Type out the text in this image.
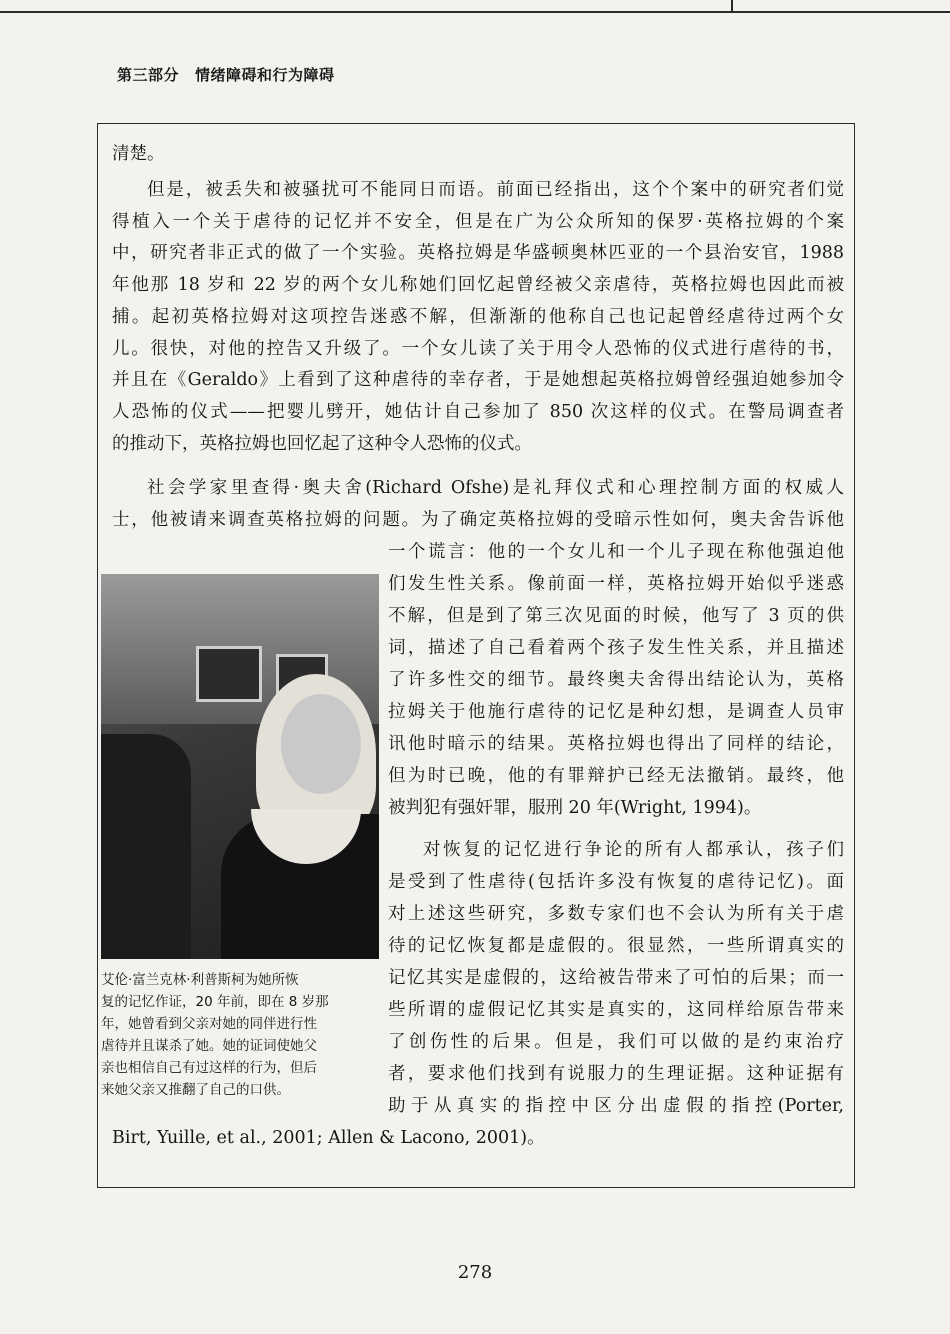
第三部分 情绪障碍和行为障碍
清楚。
但是，被丢失和被骚扰可不能同日而语。前面已经指出，这个个案中的研究者们觉
得植入一个关于虐待的记忆并不安全，但是在广为公众所知的保罗·英格拉姆的个案
中，研究者非正式的做了一个实验。英格拉姆是华盛顿奥林匹亚的一个县治安官，1988
年他那 18 岁和 22 岁的两个女儿称她们回忆起曾经被父亲虐待，英格拉姆也因此而被
捕。起初英格拉姆对这项控告迷惑不解，但渐渐的他称自己也记起曾经虐待过两个女
儿。很快，对他的控告又升级了。一个女儿读了关于用令人恐怖的仪式进行虐待的书，
并且在《Geraldo》上看到了这种虐待的幸存者，于是她想起英格拉姆曾经强迫她参加令
人恐怖的仪式——把婴儿劈开，她估计自己参加了 850 次这样的仪式。在警局调查者
的推动下，英格拉姆也回忆起了这种令人恐怖的仪式。
社会学家里查得·奥夫舍(Richard Ofshe)是礼拜仪式和心理控制方面的权威人
士，他被请来调查英格拉姆的问题。为了确定英格拉姆的受暗示性如何，奥夫舍告诉他
一个谎言：他的一个女儿和一个儿子现在称他强迫他
们发生性关系。像前面一样，英格拉姆开始似乎迷惑
不解，但是到了第三次见面的时候，他写了 3 页的供
词，描述了自己看着两个孩子发生性关系，并且描述
了许多性交的细节。最终奥夫舍得出结论认为，英格
拉姆关于他施行虐待的记忆是种幻想，是调查人员审
讯他时暗示的结果。英格拉姆也得出了同样的结论，
但为时已晚，他的有罪辩护已经无法撤销。最终，他
被判犯有强奸罪，服刑 20 年(Wright, 1994)。
对恢复的记忆进行争论的所有人都承认，孩子们
是受到了性虐待(包括许多没有恢复的虐待记忆)。面
对上述这些研究，多数专家们也不会认为所有关于虐
待的记忆恢复都是虚假的。很显然，一些所谓真实的
记忆其实是虚假的，这给被告带来了可怕的后果；而一
些所谓的虚假记忆其实是真实的，这同样给原告带来
了创伤性的后果。但是，我们可以做的是约束治疗
者，要求他们找到有说服力的生理证据。这种证据有
助于从真实的指控中区分出虚假的指控(Porter,
Birt, Yuille, et al., 2001; Allen & Lacono, 2001)。
艾伦·富兰克林·利普斯柯为她所恢
复的记忆作证，20 年前，即在 8 岁那
年，她曾看到父亲对她的同伴进行性
虐待并且谋杀了她。她的证词使她父
亲也相信自己有过这样的行为，但后
来她父亲又推翻了自己的口供。
278
